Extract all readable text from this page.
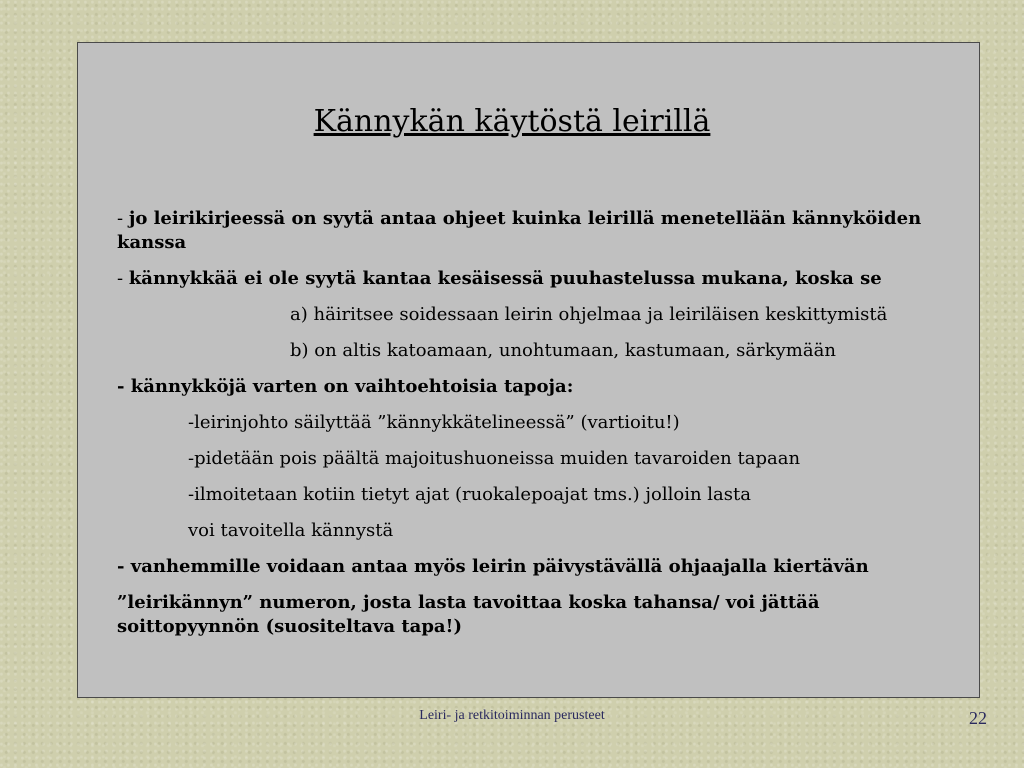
Kännykän käytöstä leirillä

- jo leirikirjeessä on syytä antaa ohjeet kuinka leirillä menetellään kännyköiden kanssa

- kännykkää ei ole syytä kantaa kesäisessä puuhastelussa mukana, koska se

a) häiritsee soidessaan leirin ohjelmaa ja leiriläisen keskittymistä

b) on altis katoamaan, unohtumaan, kastumaan, särkymään

- kännykköjä varten on vaihtoehtoisia tapoja:

-leirinjohto säilyttää ”kännykkätelineessä” (vartioitu!)

-pidetään pois päältä majoitushuoneissa muiden tavaroiden tapaan

-ilmoitetaan kotiin tietyt ajat (ruokalepoajat tms.) jolloin lasta

voi tavoitella kännystä

- vanhemmille voidaan antaa myös leirin päivystävällä ohjaajalla kiertävän

”leirikännyn” numeron, josta lasta tavoittaa koska tahansa/ voi jättää soittopyynnön (suositeltava tapa!)

Leiri- ja retkitoiminnan perusteet	22
